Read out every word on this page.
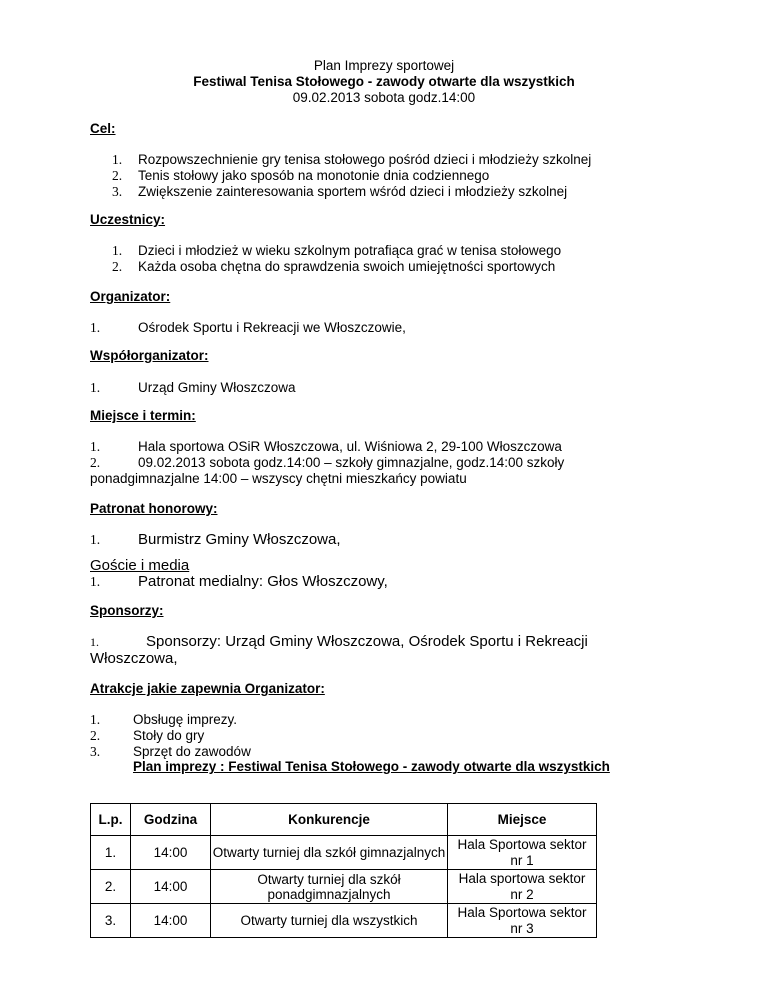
Plan Imprezy sportowej
Festiwal Tenisa Stołowego - zawody otwarte dla wszystkich
09.02.2013 sobota godz.14:00
Cel:
1. Rozpowszechnienie gry tenisa stołowego pośród dzieci i młodzieży szkolnej
2. Tenis stołowy jako sposób na monotonie dnia codziennego
3. Zwiększenie zainteresowania sportem wśród dzieci i młodzieży szkolnej
Uczestnicy:
1. Dzieci i młodzież w wieku szkolnym potrafiąca grać w tenisa stołowego
2. Każda osoba chętna do sprawdzenia swoich umiejętności sportowych
Organizator:
1.	Ośrodek Sportu i Rekreacji we Włoszczowie,
Współorganizator:
1.	Urząd Gminy Włoszczowa
Miejsce i termin:
1.	Hala sportowa OSiR Włoszczowa, ul. Wiśniowa 2, 29-100 Włoszczowa
2.	09.02.2013 sobota godz.14:00 – szkoły gimnazjalne, godz.14:00 szkoły
ponadgimnazjalne 14:00 – wszyscy chętni mieszkańcy powiatu
Patronat honorowy:
1.	Burmistrz Gminy Włoszczowa,
Goście i media
1.	Patronat medialny: Głos Włoszczowy,
Sponsorzy:
1.	Sponsorzy: Urząd Gminy Włoszczowa, Ośrodek Sportu i Rekreacji
Włoszczowa,
Atrakcje jakie zapewnia Organizator:
1. Obsługę imprezy.
2. Stoły do gry
3. Sprzęt do zawodów
Plan imprezy : Festiwal Tenisa Stołowego - zawody otwarte dla wszystkich
L.p.	Godzina	Konkurencje	Miejsce
1.	14:00	Otwarty turniej dla szkół gimnazjalnych	Hala Sportowa sektor
nr 1

2.	14:00	Otwarty turniej dla szkół ponadgimnazjalnych	Hala sportowa sektor
nr 2

3.	14:00	Otwarty turniej dla wszystkich	Hala Sportowa sektor
nr 3
